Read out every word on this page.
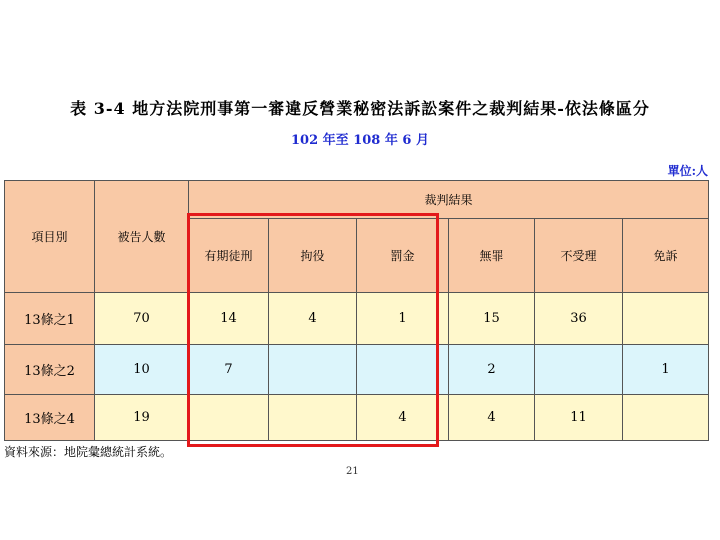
表 3-4 地方法院刑事第一審違反營業秘密法訴訟案件之裁判結果-依法條區分
102 年至 108 年 6 月
單位:人
項目別	被告人數	裁判結果					
		有期徒刑	拘役	罰金	無罪	不受理	免訴
13條之1	70	14	4	1	15	36	
13條之2	10	7			2		1
13條之4	19			4	4	11	
資料來源：地院彙總統計系統。
21
